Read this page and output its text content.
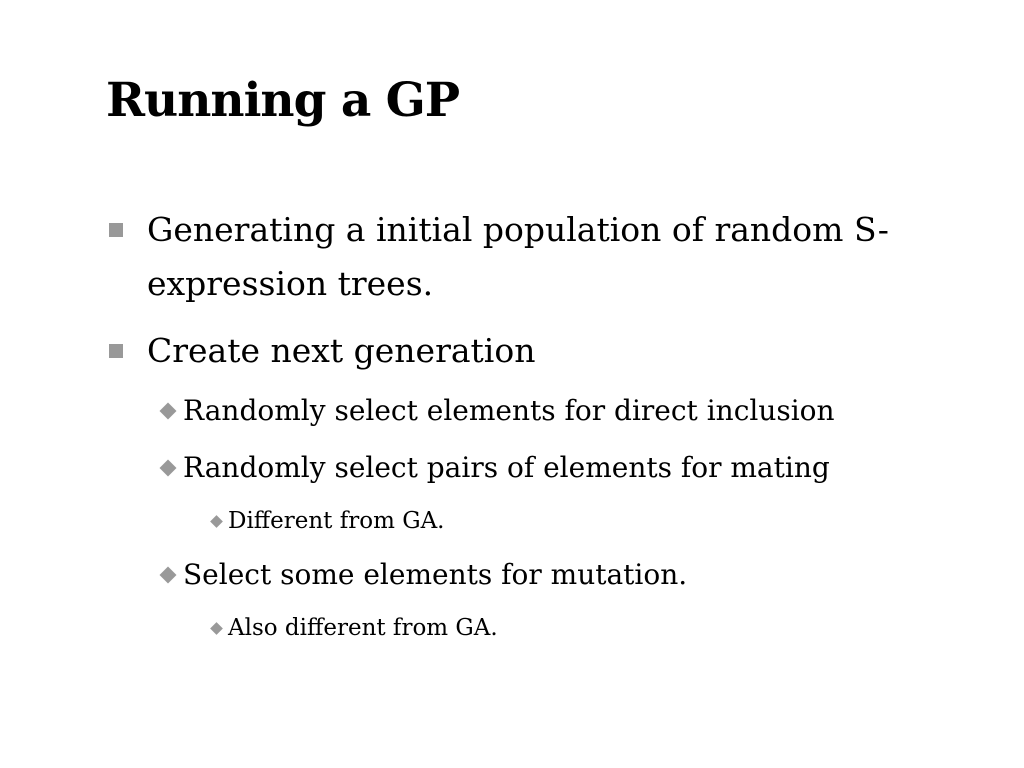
Running a GP
Generating a initial population of random S-
expression trees.
Create next generation
Randomly select elements for direct inclusion
Randomly select pairs of elements for mating
Different from GA.
Select some elements for mutation.
Also different from GA.
